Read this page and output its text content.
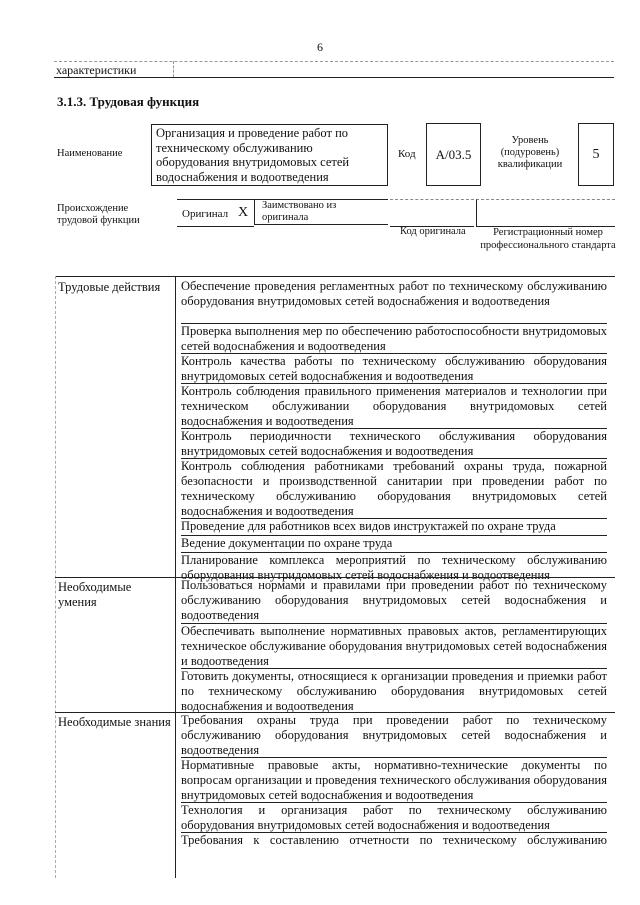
6
характеристики
3.1.3. Трудовая функция
Наименование
Организация и проведение работ по техническому обслуживанию оборудования внутридомовых сетей водоснабжения и водоотведения
Код	A/03.5
Уровень (подуровень) квалификации
5
Происхождение трудовой функции
Оригинал X Заимствовано из оригинала
Код оригинала	Регистрационный номер профессионального стандарта
Трудовые действия	Обеспечение проведения регламентных работ по техническому обслуживанию оборудования внутридомовых сетей водоснабжения и водоотведения
Проверка выполнения мер по обеспечению работоспособности внутридомовых сетей водоснабжения и водоотведения
Контроль качества работы по техническому обслуживанию оборудования внутридомовых сетей водоснабжения и водоотведения
Контроль соблюдения правильного применения материалов и технологии при техническом обслуживании оборудования внутридомовых сетей водоснабжения и водоотведения
Контроль периодичности технического обслуживания оборудования внутридомовых сетей водоснабжения и водоотведения
Контроль соблюдения работниками требований охраны труда, пожарной безопасности и производственной санитарии при проведении работ по техническому обслуживанию оборудования внутридомовых сетей водоснабжения и водоотведения
Проведение для работников всех видов инструктажей по охране труда
Ведение документации по охране труда
Планирование комплекса мероприятий по техническому обслуживанию оборудования внутридомовых сетей водоснабжения и водоотведения
Необходимые умения
Пользоваться нормами и правилами при проведении работ по техническому обслуживанию оборудования внутридомовых сетей водоснабжения и водоотведения
Обеспечивать выполнение нормативных правовых актов, регламентирующих техническое обслуживание оборудования внутридомовых сетей водоснабжения и водоотведения
Готовить документы, относящиеся к организации проведения и приемки работ по техническому обслуживанию оборудования внутридомовых сетей водоснабжения и водоотведения
Необходимые знания Требования охраны труда при проведении работ по техническому обслуживанию оборудования внутридомовых сетей водоснабжения и водоотведения
Нормативные правовые акты, нормативно-технические документы по вопросам организации и проведения технического обслуживания оборудования внутридомовых сетей водоснабжения и водоотведения
Технология и организация работ по техническому обслуживанию оборудования внутридомовых сетей водоснабжения и водоотведения
Требования к составлению отчетности по техническому обслуживанию
